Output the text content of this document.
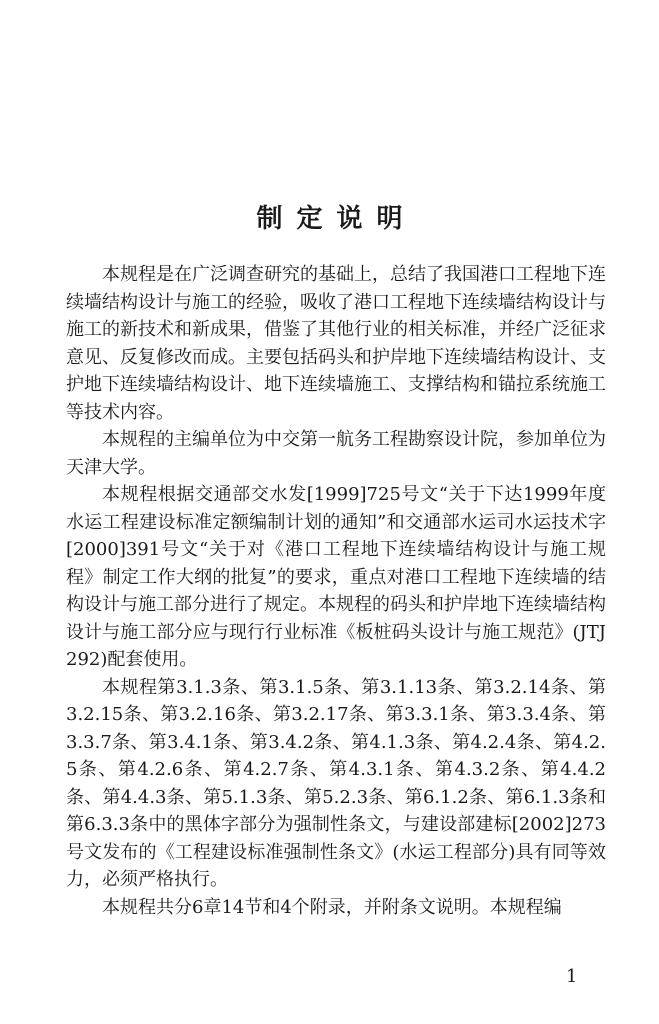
制定说明

本规程是在广泛调查研究的基础上，总结了我国港口工程地下连续墙结构设计与施工的经验，吸收了港口工程地下连续墙结构设计与施工的新技术和新成果，借鉴了其他行业的相关标准，并经广泛征求意见、反复修改而成。主要包括码头和护岸地下连续墙结构设计、支护地下连续墙结构设计、地下连续墙施工、支撑结构和锚拉系统施工等技术内容。

本规程的主编单位为中交第一航务工程勘察设计院，参加单位为天津大学。

本规程根据交通部交水发[1999]725号文“关于下达1999年度水运工程建设标准定额编制计划的通知”和交通部水运司水运技术字[2000]391号文“关于对《港口工程地下连续墙结构设计与施工规程》制定工作大纲的批复”的要求，重点对港口工程地下连续墙的结构设计与施工部分进行了规定。本规程的码头和护岸地下连续墙结构设计与施工部分应与现行行业标准《板桩码头设计与施工规范》(JTJ 292)配套使用。

本规程第3.1.3条、第3.1.5条、第3.1.13条、第3.2.14条、第3.2.15条、第3.2.16条、第3.2.17条、第3.3.1条、第3.3.4条、第3.3.7条、第3.4.1条、第3.4.2条、第4.1.3条、第4.2.4条、第4.2.5条、第4.2.6条、第4.2.7条、第4.3.1条、第4.3.2条、第4.4.2条、第4.4.3条、第5.1.3条、第5.2.3条、第6.1.2条、第6.1.3条和第6.3.3条中的黑体字部分为强制性条文，与建设部建标[2002]273号文发布的《工程建设标准强制性条文》(水运工程部分)具有同等效力，必须严格执行。

本规程共分6章14节和4个附录，并附条文说明。本规程编

1
